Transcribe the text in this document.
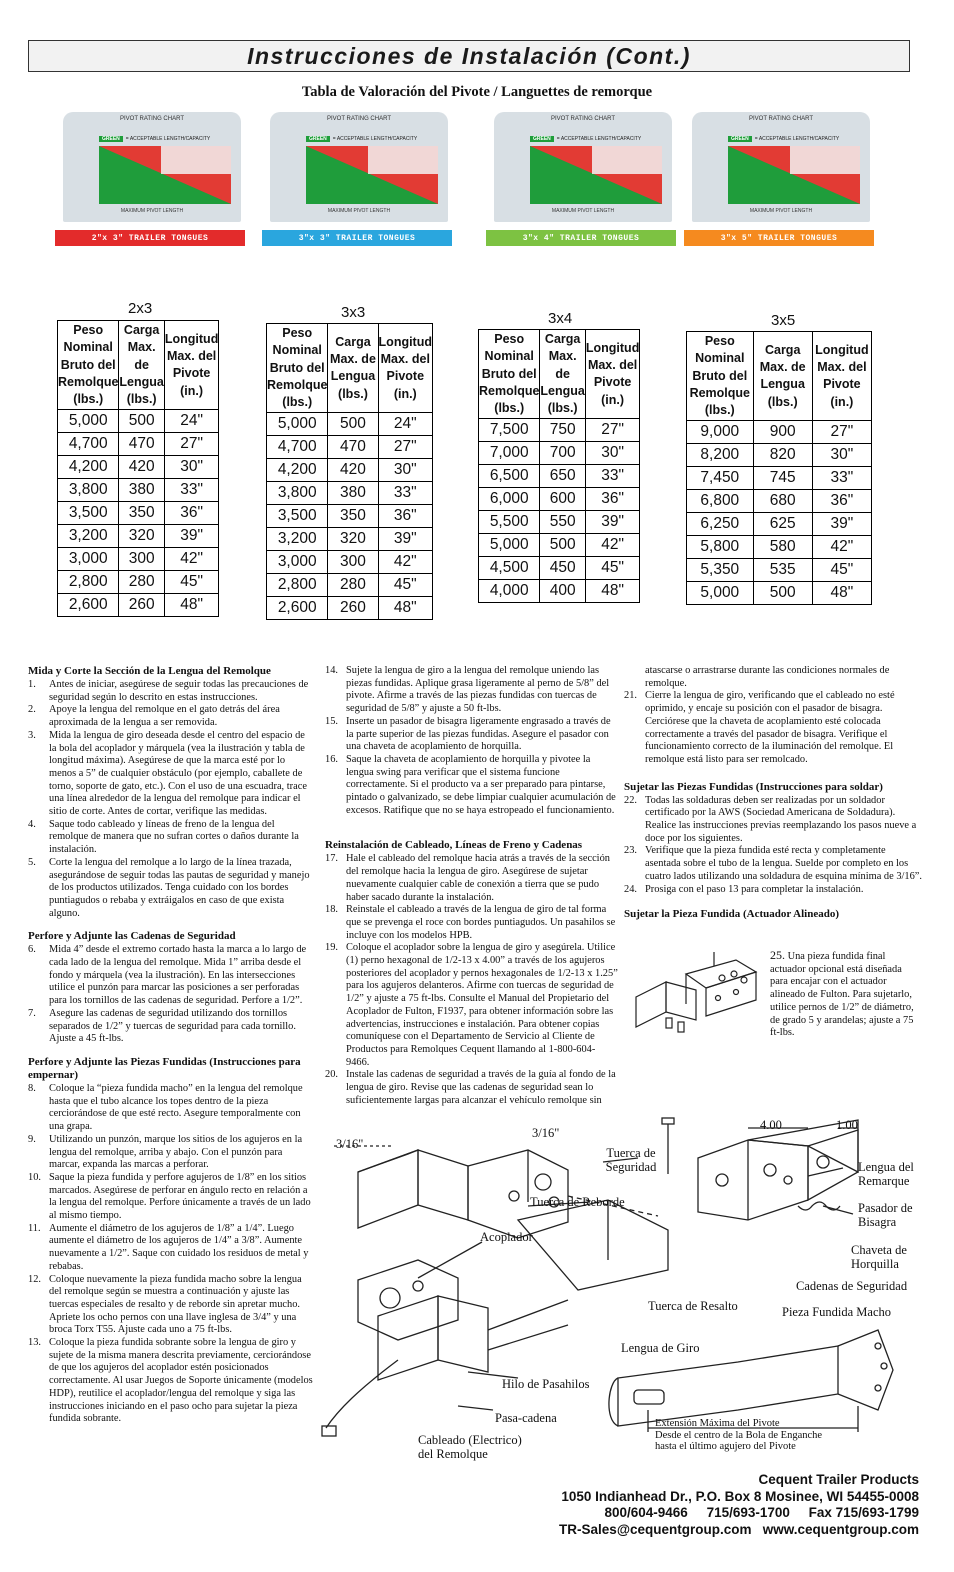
Instrucciones de Instalación (Cont.)
Tabla de Valoración del Pivote / Languettes de remorque
PIVOT RATING CHART
GREEN = ACCEPTABLE LENGTH/CAPACITY
MAXIMUM PIVOT LENGTH
2"x 3" TRAILER TONGUES
PIVOT RATING CHART
GREEN = ACCEPTABLE LENGTH/CAPACITY
MAXIMUM PIVOT LENGTH
3"x 3" TRAILER TONGUES
PIVOT RATING CHART
GREEN = ACCEPTABLE LENGTH/CAPACITY
MAXIMUM PIVOT LENGTH
3"x 4" TRAILER TONGUES
PIVOT RATING CHART
GREEN = ACCEPTABLE LENGTH/CAPACITY
MAXIMUM PIVOT LENGTH
3"x 5" TRAILER TONGUES
2x3
Peso Nominal Bruto del Remolque (lbs.)	Carga Max. de Lengua (lbs.)	Longitud Max. del Pivote (in.)
5,000	500	24"
4,700	470	27"
4,200	420	30"
3,800	380	33"
3,500	350	36"
3,200	320	39"
3,000	300	42"
2,800	280	45"
2,600	260	48"
3x3
Peso Nominal Bruto del Remolque (lbs.)	Carga Max. de Lengua (lbs.)	Longitud Max. del Pivote (in.)
5,000	500	24"
4,700	470	27"
4,200	420	30"
3,800	380	33"
3,500	350	36"
3,200	320	39"
3,000	300	42"
2,800	280	45"
2,600	260	48"
3x4
Peso Nominal Bruto del Remolque (lbs.)	Carga Max. de Lengua (lbs.)	Longitud Max. del Pivote (in.)
7,500	750	27"
7,000	700	30"
6,500	650	33"
6,000	600	36"
5,500	550	39"
5,000	500	42"
4,500	450	45"
4,000	400	48"
3x5
Peso Nominal Bruto del Remolque (lbs.)	Carga Max. de Lengua (lbs.)	Longitud Max. del Pivote (in.)
9,000	900	27"
8,200	820	30"
7,450	745	33"
6,800	680	36"
6,250	625	39"
5,800	580	42"
5,350	535	45"
5,000	500	48"
Mida y Corte la Sección de la Lengua del Remolque
1.	Antes de iniciar, asegúrese de seguir todas las precauciones de seguridad según lo descrito en estas instrucciones.
2.	Apoye la lengua del remolque en el gato detrás del área aproximada de la lengua a ser removida.
3.	Mida la lengua de giro deseada desde el centro del espacio de la bola del acoplador y márquela (vea la ilustración y tabla de longitud máxima). Asegúrese de que la marca esté por lo menos a 5” de cualquier obstáculo (por ejemplo, caballete de torno, soporte de gato, etc.). Con el uso de una escuadra, trace una línea alrededor de la lengua del remolque para indicar el sitio de corte. Antes de cortar, verifique las medidas.
4.	Saque todo cableado y líneas de freno de la lengua del remolque de manera que no sufran cortes o daños durante la instalación.
5.	Corte la lengua del remolque a lo largo de la línea trazada, asegurándose de seguir todas las pautas de seguridad y manejo de los productos utilizados. Tenga cuidado con los bordes puntiagudos o rebaba y extráigalos en caso de que exista alguno.
Perfore y Adjunte las Cadenas de Seguridad
6.	Mida 4” desde el extremo cortado hasta la marca a lo largo de cada lado de la lengua del remolque. Mida 1” arriba desde el fondo y márquela (vea la ilustración). En las intersecciones utilice el punzón para marcar las posiciones a ser perforadas para los tornillos de las cadenas de seguridad. Perfore a 1/2”.
7.	Asegure las cadenas de seguridad utilizando dos tornillos separados de 1/2” y tuercas de seguridad para cada tornillo. Ajuste a 45 ft-lbs.
Perfore y Adjunte las Piezas Fundidas (Instrucciones para empernar)
8.	Coloque la “pieza fundida macho” en la lengua del remolque hasta que el tubo alcance los topes dentro de la pieza cerciorándose de que esté recto. Asegure temporalmente con una grapa.
9.	Utilizando un punzón, marque los sitios de los agujeros en la lengua del remolque, arriba y abajo. Con el punzón para marcar, expanda las marcas a perforar.
10. Saque la pieza fundida y perfore agujeros de 1/8” en los sitios marcados. Asegúrese de perforar en ángulo recto en relación a la lengua del remolque. Perfore únicamente a través de un lado al mismo tiempo.
11. Aumente el diámetro de los agujeros de 1/8” a 1/4”. Luego aumente el diámetro de los agujeros de 1/4” a 3/8”. Aumente nuevamente a 1/2”. Saque con cuidado los residuos de metal y rebabas.
12. Coloque nuevamente la pieza fundida macho sobre la lengua del remolque según se muestra a continuación y ajuste las tuercas especiales de resalto y de reborde sin apretar mucho. Apriete los ocho pernos con una llave inglesa de 3/4” y una broca Torx T55. Ajuste cada uno a 75 ft-lbs.
13. Coloque la pieza fundida sobrante sobre la lengua de giro y sujete de la misma manera descrita previamente, cerciorándose de que los agujeros del acoplador estén posicionados correctamente. Al usar Juegos de Soporte únicamente (modelos HDP), reutilice el acoplador/lengua del remolque y siga las instrucciones iniciando en el paso ocho para sujetar la pieza fundida sobrante.
14. Sujete la lengua de giro a la lengua del remolque uniendo las piezas fundidas. Aplique grasa ligeramente al perno de 5/8” del pivote. Afirme a través de las piezas fundidas con tuercas de seguridad de 5/8” y ajuste a 50 ft-lbs.
15. Inserte un pasador de bisagra ligeramente engrasado a través de la parte superior de las piezas fundidas. Asegure el pasador con una chaveta de acoplamiento de horquilla.
16. Saque la chaveta de acoplamiento de horquilla y pivotee la lengua swing para verificar que el sistema funcione correctamente. Si el producto va a ser preparado para pintarse, pintado o galvanizado, se debe limpiar cualquier acumulación de excesos. Ratifique que no se haya estropeado el funcionamiento.
Reinstalación de Cableado, Líneas de Freno y Cadenas
17. Hale el cableado del remolque hacia atrás a través de la sección del remolque hacia la lengua de giro. Asegúrese de sujetar nuevamente cualquier cable de conexión a tierra que se pudo haber sacado durante la instalación.
18. Reinstale el cableado a través de la lengua de giro de tal forma que se prevenga el roce con bordes puntiagudos. Un pasahilos se incluye con los modelos HPB.
19. Coloque el acoplador sobre la lengua de giro y asegúrela. Utilice (1) perno hexagonal de 1/2-13 x 4.00” a través de los agujeros posteriores del acoplador y pernos hexagonales de 1/2-13 x 1.25” para los agujeros delanteros. Afirme con tuercas de seguridad de 1/2” y ajuste a 75 ft-lbs. Consulte el Manual del Propietario del Acoplador de Fulton, F1937, para obtener información sobre las advertencias, instrucciones e instalación. Para obtener copias comuníquese con el Departamento de Servicio al Cliente de Productos para Remolques Cequent llamando al 1-800-604-9466.
20. Instale las cadenas de seguridad a través de la guía al fondo de la lengua de giro. Revise que las cadenas de seguridad sean lo suficientemente largas para alcanzar el vehículo remolque sin
atascarse o arrastrarse durante las condiciones normales de remolque.
21. Cierre la lengua de giro, verificando que el cableado no esté oprimido, y encaje su posición con el pasador de bisagra. Cerciórese que la chaveta de acoplamiento esté colocada correctamente a través del pasador de bisagra. Verifique el funcionamiento correcto de la iluminación del remolque. El remolque está listo para ser remolcado.
Sujetar las Piezas Fundidas (Instrucciones para soldar)
22. Todas las soldaduras deben ser realizadas por un soldador certificado por la AWS (Sociedad Americana de Soldadura). Realice las instrucciones previas reemplazando los pasos nueve a doce por los siguientes.
23. Verifique que la pieza fundida esté recta y completamente asentada sobre el tubo de la lengua. Suelde por completo en los cuatro lados utilizando una soldadura de esquina mínima de 3/16”.
24. Prosiga con el paso 13 para completar la instalación.
Sujetar la Pieza Fundida (Actuador Alineado)
25. Una pieza fundida final actuador opcional está diseñada para encajar con el actuador alineado de Fulton. Para sujetarlo, utilice pernos de 1/2” de diámetro, de grado 5 y arandelas; ajuste a 75 ft-lbs.
3/16"
3/16"
4.00	1.00
Tuerca de Seguridad
Tuerca de Reborde
Acoplador
Lengua del Remarque
Pasador de Bisagra
Chaveta de Horquilla
Cadenas de Seguridad
Tuerca de Resalto	Pieza Fundida Macho
Lengua de Giro
Hilo de Pasahilos
Pasa-cadena
Cableado (Electrico) del Remolque
Extensión Máxima del Pivote
Desde el centro de la Bola de Enganche
hasta el último agujero del Pivote
Cequent Trailer Products
1050 Indianhead Dr., P.O. Box 8 Mosinee, WI 54455-0008
800/604-9466     715/693-1700     Fax 715/693-1799
TR-Sales@cequentgroup.com   www.cequentgroup.com
